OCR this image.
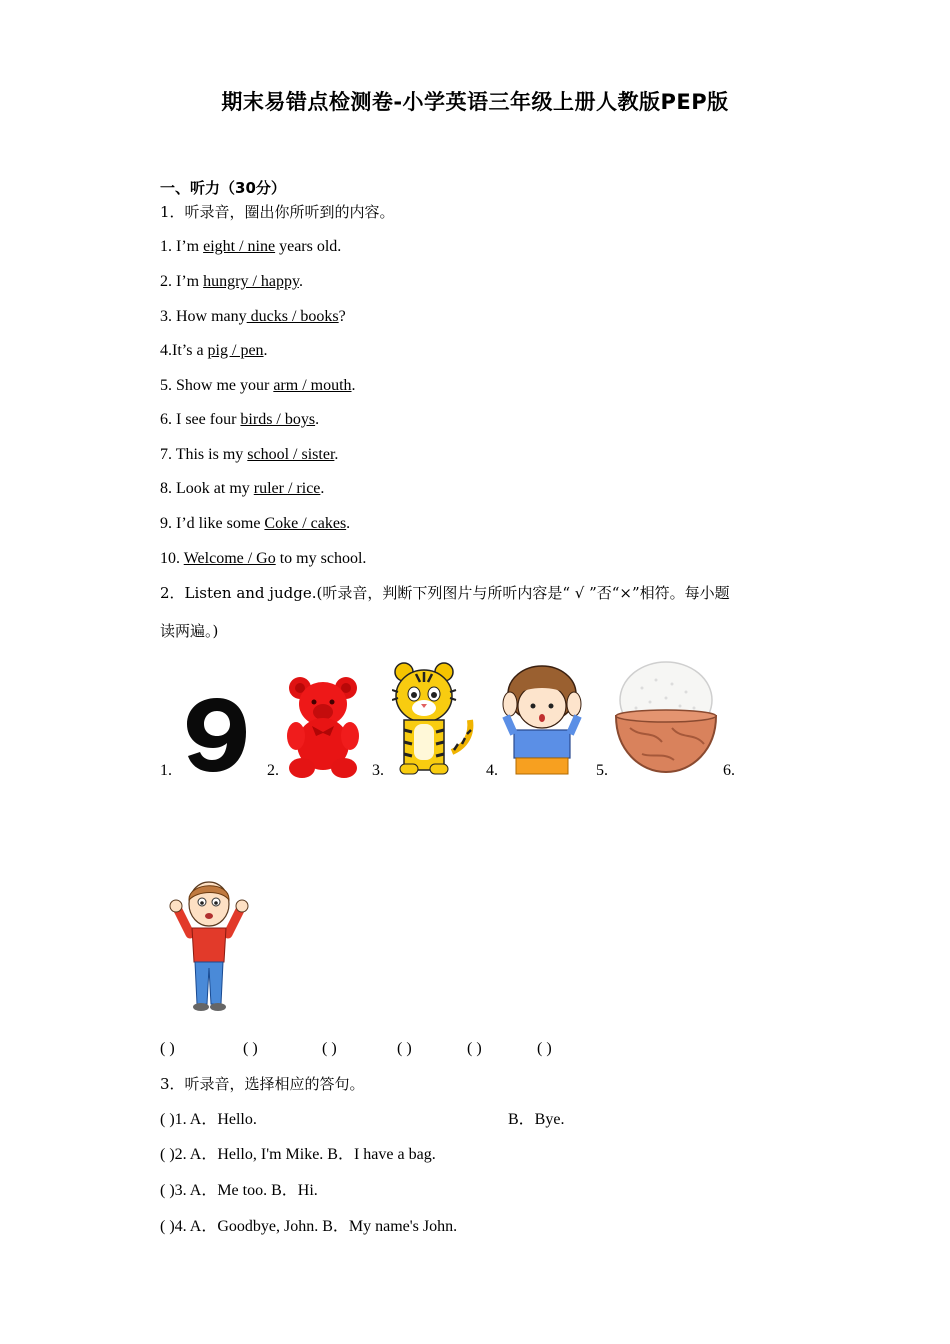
期末易错点检测卷-小学英语三年级上册人教版PEP版
一、听力（30分）
1．听录音，圈出你所听到的内容。
1. I’m eight / nine years old.
2. I’m hungry / happy.
3. How many ducks / books?
4.It’s a pig / pen.
5. Show me your arm / mouth.
6. I see four birds / boys.
7. This is my school / sister.
8. Look at my ruler / rice.
9. I’d like some Coke / cakes.
10. Welcome / Go to my school.
2．Listen and judge.(听录音，判断下列图片与所听内容是“ √ ”否“×”相符。每小题
读两遍。)
1.	2.	3.	4.	5.	6.
( )	( )	( )	( )	( )	( )
3．听录音，选择相应的答句。
( )1. A．Hello.	B．Bye.
( )2. A．Hello, I'm Mike. B．I have a bag.
( )3. A．Me too. B．Hi.
( )4. A．Goodbye, John. B．My name's John.
